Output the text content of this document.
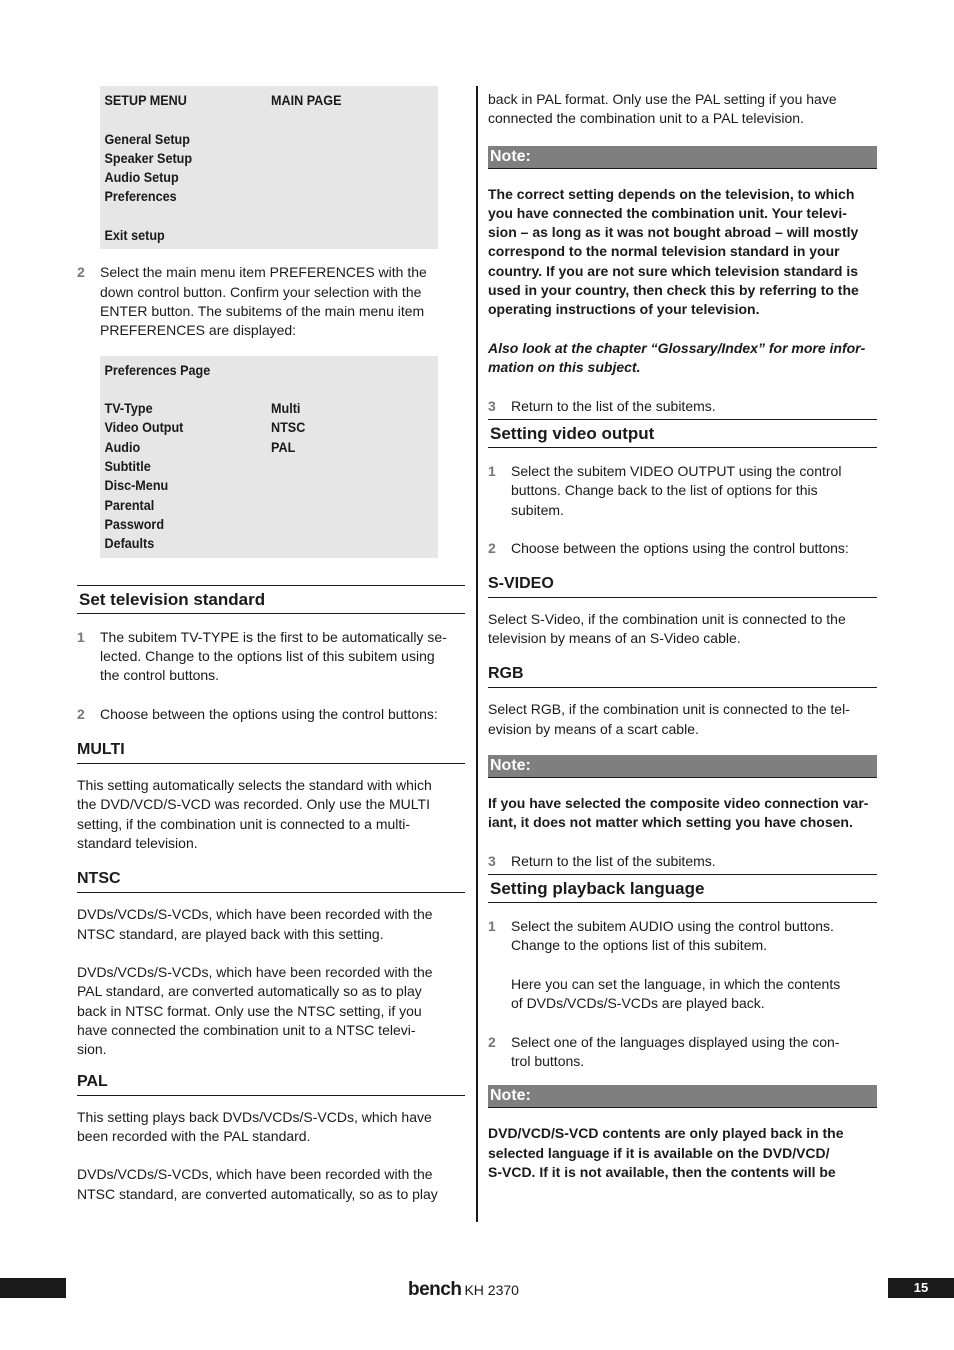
SETUP MENU	MAIN PAGE
General Setup
Speaker Setup
Audio Setup
Preferences
Exit setup
2	Select the main menu item PREFERENCES with the
down control button. Confirm your selection with the
ENTER button. The subitems of the main menu item
PREFERENCES are displayed:
Preferences Page
TV-Type	Multi
Video Output	NTSC
Audio	PAL
Subtitle
Disc-Menu
Parental
Password
Defaults
Set television standard
1	The subitem TV-TYPE is the first to be automatically se-
lected. Change to the options list of this subitem using
the control buttons.
2	Choose between the options using the control buttons:
MULTI
This setting automatically selects the standard with which
the DVD/VCD/S-VCD was recorded. Only use the MULTI
setting, if the combination unit is connected to a multi-
standard television.
NTSC
DVDs/VCDs/S-VCDs, which have been recorded with the
NTSC standard, are played back with this setting.
DVDs/VCDs/S-VCDs, which have been recorded with the
PAL standard, are converted automatically so as to play
back in NTSC format. Only use the NTSC setting, if you
have connected the combination unit to a NTSC televi-
sion.
PAL
This setting plays back DVDs/VCDs/S-VCDs, which have
been recorded with the PAL standard.
DVDs/VCDs/S-VCDs, which have been recorded with the
NTSC standard, are converted automatically, so as to play
back in PAL format. Only use the PAL setting if you have
connected the combination unit to a PAL television.
Note:
The correct setting depends on the television, to which
you have connected the combination unit. Your televi-
sion – as long as it was not bought abroad – will mostly
correspond to the normal television standard in your
country. If you are not sure which television standard is
used in your country, then check this by referring to the
operating instructions of your television.
Also look at the chapter “Glossary/Index” for more infor-
mation on this subject.
3	Return to the list of the subitems.
Setting video output
1	Select the subitem VIDEO OUTPUT using the control
buttons. Change back to the list of options for this
subitem.
2	Choose between the options using the control buttons:
S-VIDEO
Select S-Video, if the combination unit is connected to the
television by means of an S-Video cable.
RGB
Select RGB, if the combination unit is connected to the tel-
evision by means of a scart cable.
Note:
If you have selected the composite video connection var-
iant, it does not matter which setting you have chosen.
3	Return to the list of the subitems.
Setting playback language
1	Select the subitem AUDIO using the control buttons.
Change to the options list of this subitem.
Here you can set the language, in which the contents
of DVDs/VCDs/S-VCDs are played back.
2	Select one of the languages displayed using the con-
trol buttons.
Note:
DVD/VCD/S-VCD contents are only played back in the
selected language if it is available on the DVD/VCD/
S-VCD. If it is not available, then the contents will be
bench KH 2370	15
